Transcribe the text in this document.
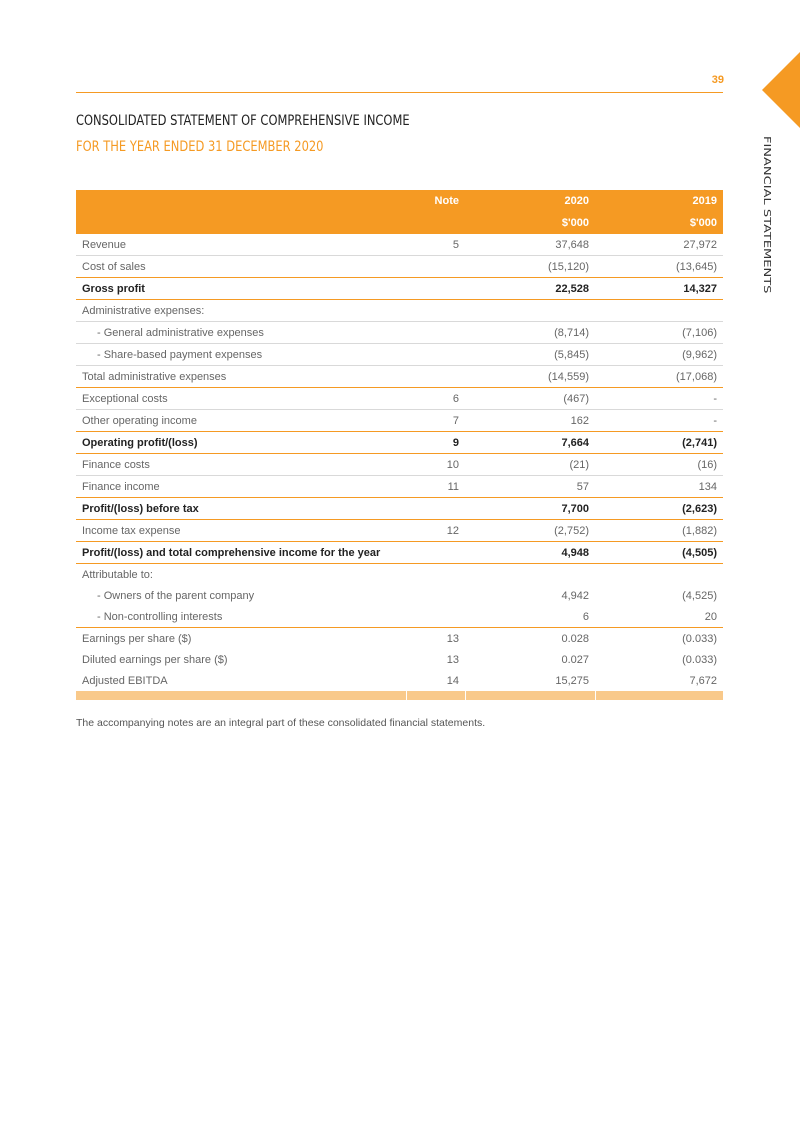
39
FINANCIAL STATEMENTS
CONSOLIDATED STATEMENT OF COMPREHENSIVE INCOME
FOR THE YEAR ENDED 31 DECEMBER 2020
	Note	2020	2019
		$'000	$'000
Revenue	5	37,648	27,972
Cost of sales		(15,120)	(13,645)
Gross profit		22,528	14,327
Administrative expenses:			
- General administrative expenses		(8,714)	(7,106)
- Share-based payment expenses		(5,845)	(9,962)
Total administrative expenses		(14,559)	(17,068)
Exceptional costs	6	(467)	-
Other operating income	7	162	-
Operating profit/(loss)	9	7,664	(2,741)
Finance costs	10	(21)	(16)
Finance income	11	57	134
Profit/(loss) before tax		7,700	(2,623)
Income tax expense	12	(2,752)	(1,882)
Profit/(loss) and total comprehensive income for the year		4,948	(4,505)
Attributable to:			
- Owners of the parent company		4,942	(4,525)
- Non-controlling interests		6	20
Earnings per share ($)	13	0.028	(0.033)
Diluted earnings per share ($)	13	0.027	(0.033)
Adjusted EBITDA	14	15,275	7,672

The accompanying notes are an integral part of these consolidated financial statements.
